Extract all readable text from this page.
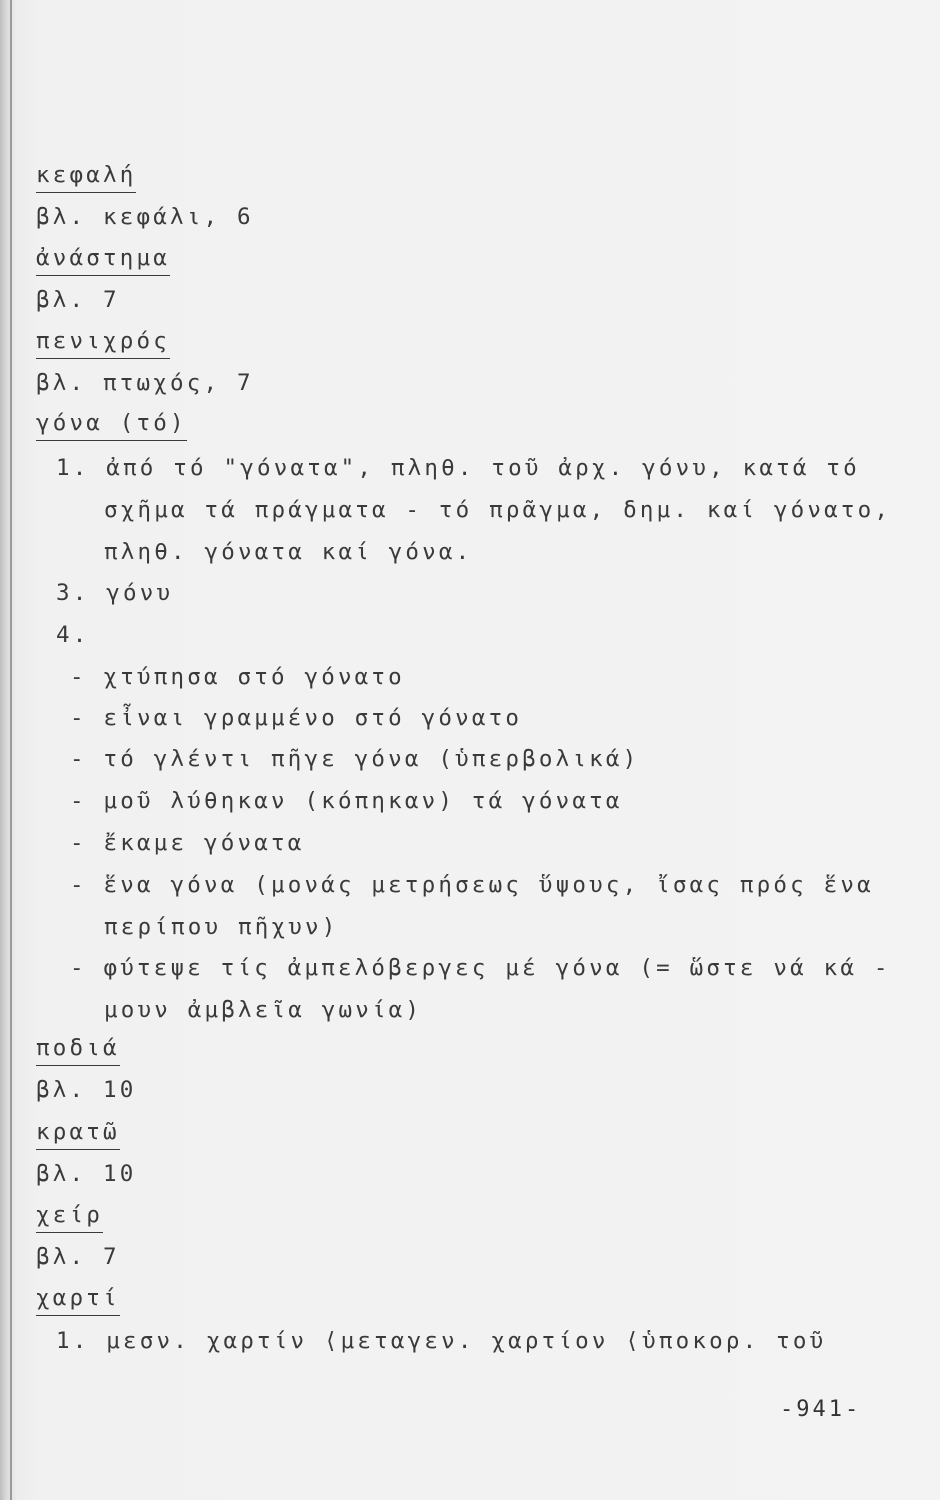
κεφαλή
βλ. κεφάλι, 6
ἀνάστημα
βλ. 7
πενιχρός
βλ. πτωχός, 7
γόνα (τό)
1. ἀπό τό "γόνατα", πληθ. τοῦ ἀρχ. γόνυ, κατά τό
σχῆμα τά πράγματα - τό πρᾶγμα, δημ. καί γόνατο,
πληθ. γόνατα καί γόνα.
3. γόνυ
4.
- χτύπησα στό γόνατο
- εἶναι γραμμένο στό γόνατο
- τό γλέντι πῆγε γόνα (ὑπερβολικά)
- μοῦ λύθηκαν (κόπηκαν) τά γόνατα
- ἔκαμε γόνατα
- ἕνα γόνα (μονάς μετρήσεως ὕψους, ἴσας πρός ἕνα
περίπου πῆχυν)
- φύτεψε τίς ἀμπελόβεργες μέ γόνα (= ὥστε νά κά -
μουν ἀμβλεῖα γωνία)
ποδιά
βλ. 10
κρατῶ
βλ. 10
χείρ
βλ. 7
χαρτί
1. μεσν. χαρτίν ⟨μεταγεν. χαρτίον ⟨ὑποκορ. τοῦ
-941-
